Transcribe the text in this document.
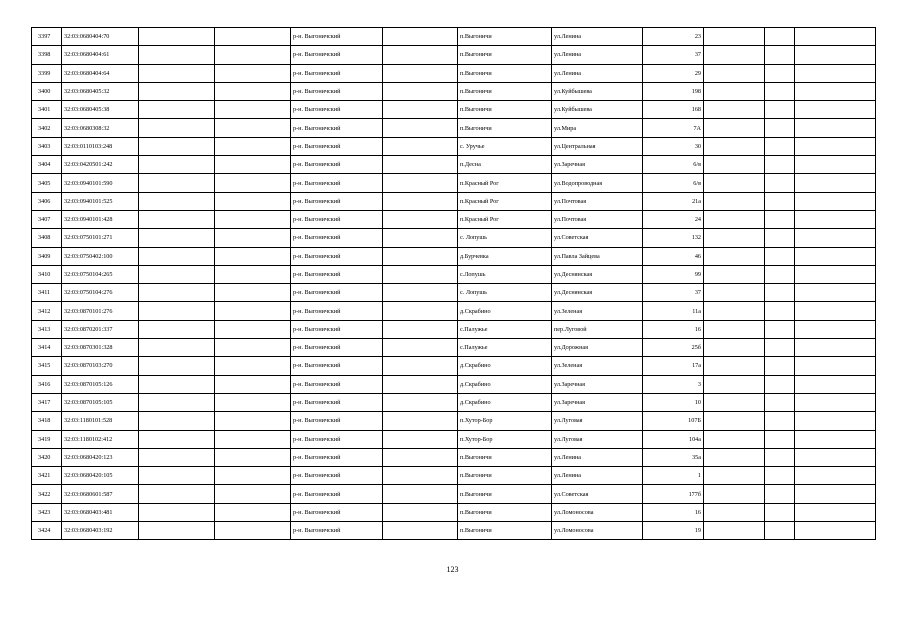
3397	32:03:0680404:70			р-н. Выгоничский		п.Выгоничи	ул.Ленина	23			
3398	32:03:0680404:61			р-н. Выгоничский		п.Выгоничи	ул.Ленина	37			
3399	32:03:0680404:64			р-н. Выгоничский		п.Выгоничи	ул.Ленина	29			
3400	32:03:0680405:32			р-н. Выгоничский		п.Выгоничи	ул.Куйбышева	198			
3401	32:03:0680405:38			р-н. Выгоничский		п.Выгоничи	ул.Куйбышева	168			
3402	32:03:0680308:32			р-н. Выгоничский		п.Выгоничи	ул.Мира	7А			
3403	32:03:0110103:248			р-н. Выгоничский		с. Уручье	ул.Центральная	30			
3404	32:03:0420501:242			р-н. Выгоничский		п.Десна	ул.Заречная	6/в			
3405	32:03:0940101:590			р-н. Выгоничский		п.Красный Рог	ул.Водопроводная	6/в			
3406	32:03:0940101:525			р-н. Выгоничский		п.Красный Рог	ул.Почтовая	21а			
3407	32:03:0940101:428			р-н. Выгоничский		п.Красный Рог	ул.Почтовая	24			
3408	32:03:0750101:271			р-н. Выгоничский		с. Лопушь	ул.Советская	132			
3409	32:03:0750402:100			р-н. Выгоничский		д.Бурчевка	ул.Павла Зайцева	46			
3410	32:03:0750104:265			р-н. Выгоничский		с.Лопушь	ул.Деснянская	99			
3411	32:03:0750104:276			р-н. Выгоничский		с. Лопушь	ул.Деснянская	37			
3412	32:03:0870101:276			р-н. Выгоничский		д.Скрабино	ул.Зеленая	11а			
3413	32:03:0870201:337			р-н. Выгоничский		с.Палужье	пер.Луговой	16			
3414	32:03:0870301:328			р-н. Выгоничский		с.Палужье	ул.Дорожная	25б			
3415	32:03:0870103:270			р-н. Выгоничский		д.Скрабино	ул.Зеленая	17а			
3416	32:03:0870105:126			р-н. Выгоничский		д.Скрабино	ул.Заречная	3			
3417	32:03:0870105:105			р-н. Выгоничский		д.Скрабино	ул.Заречная	10			
3418	32:03:1180101:528			р-н. Выгоничский		п.Хутор-Бор	ул.Луговая	107Б			
3419	32:03:1180102:412			р-н. Выгоничский		п.Хутор-Бор	ул.Луговая	104а			
3420	32:03:0680420:123			р-н. Выгоничский		п.Выгоничи	ул.Ленина	35а			
3421	32:03:0680420:105			р-н. Выгоничский		п.Выгоничи	ул.Ленина	1			
3422	32:03:0680601:587			р-н. Выгоничский		п.Выгоничи	ул.Советская	177б			
3423	32:03:0680403:481			р-н. Выгоничский		п.Выгоничи	ул.Ломоносова	16			
3424	32:03:0680403:192			р-н. Выгоничский		п.Выгоничи	ул.Ломоносова	19			
123
